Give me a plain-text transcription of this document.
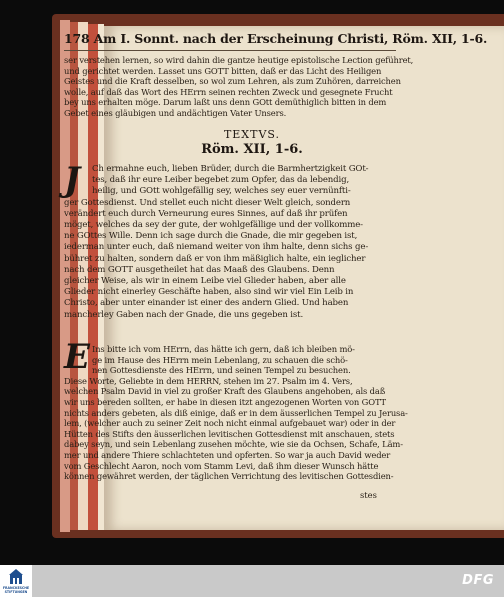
178 Am I. Sonnt. nach der Erscheinung Christi, Röm. XII, 1-6.
ser verstehen lernen, so wird dahin die gantze heutige epistolische Lection geführet,
und gerichtet werden. Lasset uns GOTT bitten, daß er das Licht des Heiligen
Geistes und die Kraft desselben, so wol zum Lehren, als zum Zuhören, darreichen
wolle, auf daß das Wort des HErrn seinen rechten Zweck und gesegnete Frucht
bey uns erhalten möge. Darum laßt uns denn GOtt demüthiglich bitten in dem
Gebet eines gläubigen und andächtigen Vater Unsers.
TEXTVS.
Röm. XII, 1-6.
J	Ch ermahne euch, lieben Brüder, durch die Barmhertzigkeit GOt-
tes, daß ihr eure Leiber begebet zum Opfer, das da lebendig,
heilig, und GOtt wohlgefällig sey, welches sey euer vernünfti-
ger Gottesdienst. Und stellet euch nicht dieser Welt gleich, sondern
verändert euch durch Verneurung eures Sinnes, auf daß ihr prüfen
möget, welches da sey der gute, der wohlgefällige und der vollkomme-
ne GOttes Wille. Denn ich sage durch die Gnade, die mir gegeben ist,
iederman unter euch, daß niemand weiter von ihm halte, denn sichs ge-
bühret zu halten, sondern daß er von ihm mäßiglich halte, ein ieglicher
nach dem GOTT ausgetheilet hat das Maaß des Glaubens. Denn
gleicher Weise, als wir in einem Leibe viel Glieder haben, aber alle
Glieder nicht einerley Geschäfte haben, also sind wir viel Ein Leib in
Christo, aber unter einander ist einer des andern Glied. Und haben
mancherley Gaben nach der Gnade, die uns gegeben ist.
E Ins bitte ich vom HErrn, das hätte ich gern, daß ich bleiben mö-
ge im Hause des HErrn mein Lebenlang, zu schauen die schö-
nen Gottesdienste des HErrn, und seinen Tempel zu besuchen.
Diese Worte, Geliebte in dem HERRN, stehen im 27. Psalm im 4. Vers,
welchen Psalm David in viel zu großer Kraft des Glaubens angehoben, als daß
wir uns bereden sollten, er habe in diesen itzt angezogenen Worten von GOTT
nichts anders gebeten, als diß einige, daß er in dem äusserlichen Tempel zu Jerusa-
lem, (welcher auch zu seiner Zeit noch nicht einmal aufgebauet war) oder in der
Hütten des Stifts den äusserlichen levitischen Gottesdienst mit anschauen, stets
dabey seyn, und sein Lebenlang zusehen möchte, wie sie da Ochsen, Schafe, Läm-
mer und andere Thiere schlachteten und opferten. So war ja auch David weder
vom Geschlecht Aaron, noch vom Stamm Levi, daß ihm dieser Wunsch hätte
können gewähret werden, der täglichen Verrichtung des levitischen Gottesdien-
stes
FRANCKESCHE STIFTUNGEN
DFG
